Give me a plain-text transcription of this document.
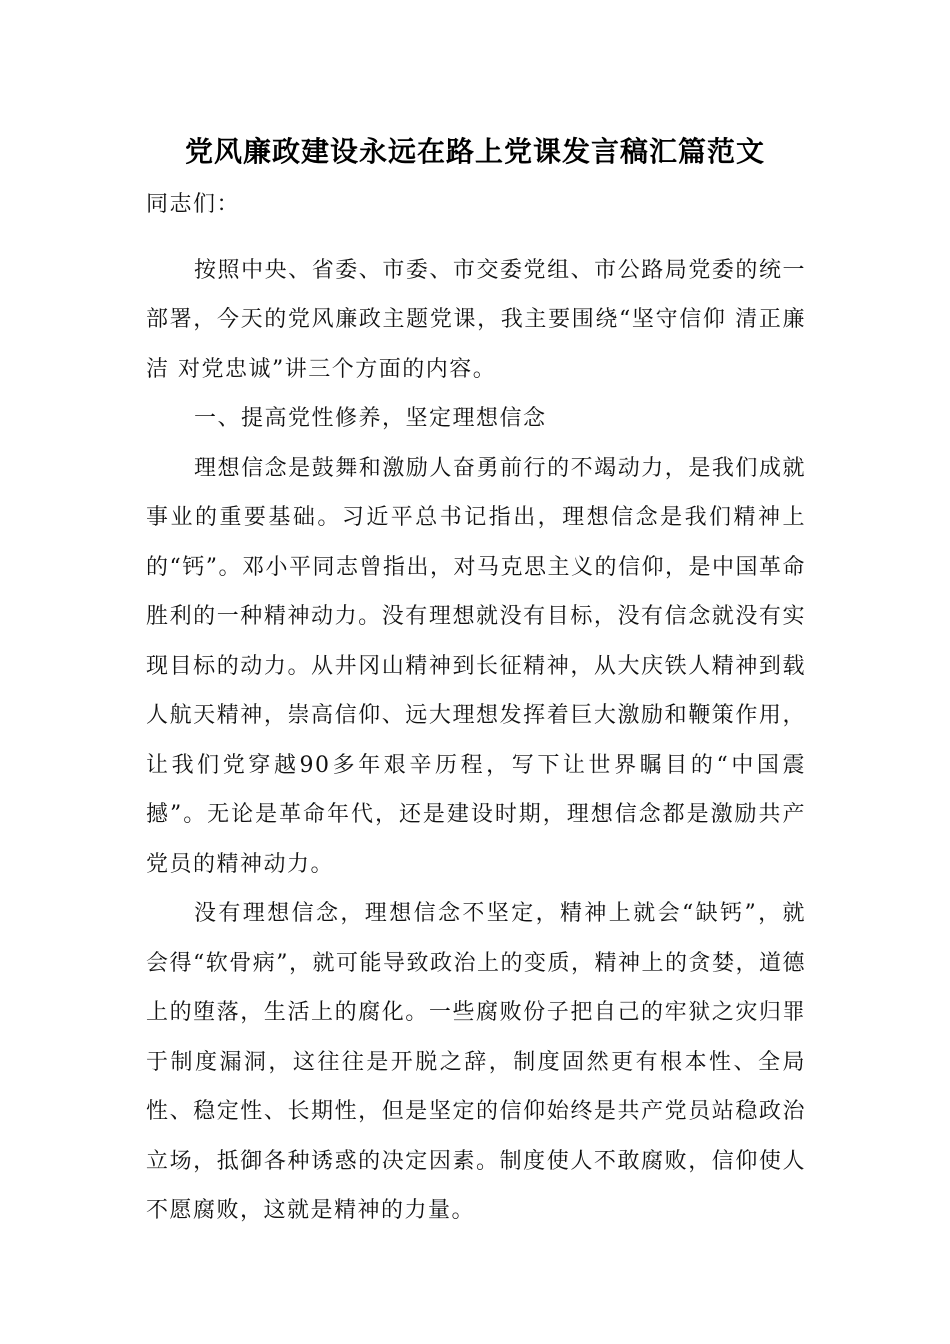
党风廉政建设永远在路上党课发言稿汇篇范文

同志们：

按照中央、省委、市委、市交委党组、市公路局党委的统一部署，今天的党风廉政主题党课，我主要围绕“坚守信仰 清正廉洁 对党忠诚”讲三个方面的内容。

一、提高党性修养，坚定理想信念

理想信念是鼓舞和激励人奋勇前行的不竭动力，是我们成就事业的重要基础。习近平总书记指出，理想信念是我们精神上的“钙”。邓小平同志曾指出，对马克思主义的信仰，是中国革命胜利的一种精神动力。没有理想就没有目标，没有信念就没有实现目标的动力。从井冈山精神到长征精神，从大庆铁人精神到载人航天精神，崇高信仰、远大理想发挥着巨大激励和鞭策作用，让我们党穿越90多年艰辛历程，写下让世界瞩目的“中国震撼”。无论是革命年代，还是建设时期，理想信念都是激励共产党员的精神动力。

没有理想信念，理想信念不坚定，精神上就会“缺钙”，就会得“软骨病”，就可能导致政治上的变质，精神上的贪婪，道德上的堕落，生活上的腐化。一些腐败份子把自己的牢狱之灾归罪于制度漏洞，这往往是开脱之辞，制度固然更有根本性、全局性、稳定性、长期性，但是坚定的信仰始终是共产党员站稳政治立场，抵御各种诱惑的决定因素。制度使人不敢腐败，信仰使人不愿腐败，这就是精神的力量。
